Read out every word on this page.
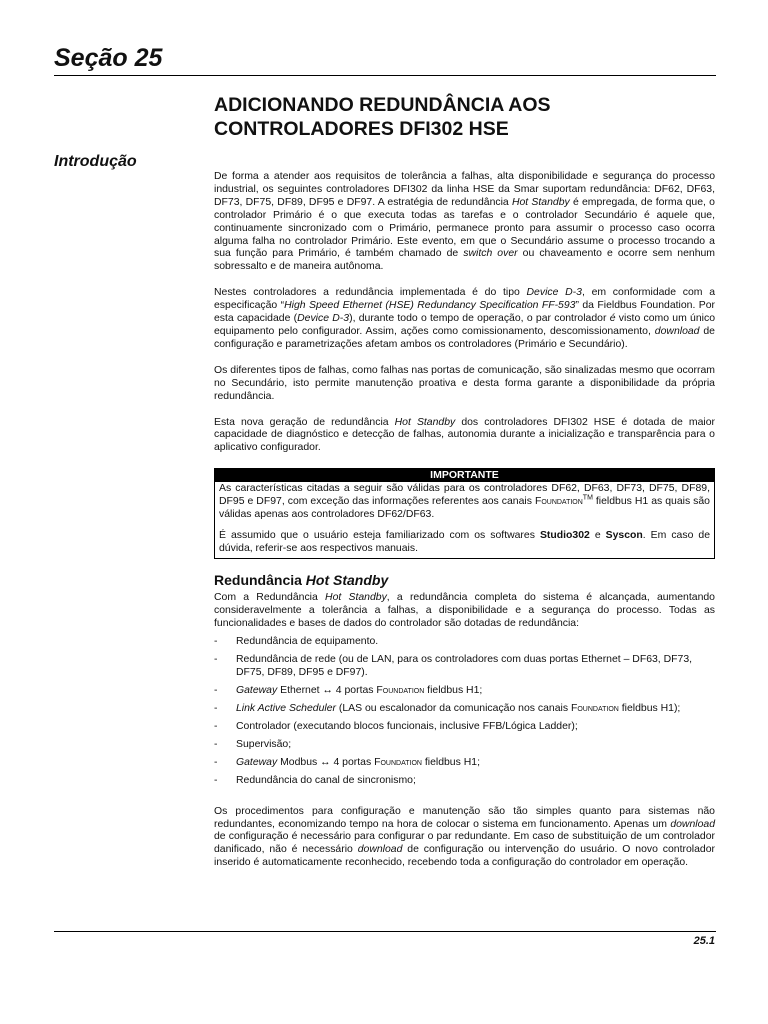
Seção 25
ADICIONANDO REDUNDÂNCIA AOS
CONTROLADORES DFI302 HSE
Introdução

De forma a atender aos requisitos de tolerância a falhas, alta disponibilidade e segurança do processo industrial, os seguintes controladores DFI302 da linha HSE da Smar suportam redundância: DF62, DF63, DF73, DF75, DF89, DF95 e DF97. A estratégia de redundância Hot Standby é empregada, de forma que, o controlador Primário é o que executa todas as tarefas e o controlador Secundário é aquele que, continuamente sincronizado com o Primário, permanece pronto para assumir o processo caso ocorra alguma falha no controlador Primário. Este evento, em que o Secundário assume o processo trocando a sua função para Primário, é também chamado de switch over ou chaveamento e ocorre sem nenhum sobressalto e de maneira autônoma.

Nestes controladores a redundância implementada é do tipo Device D-3, em conformidade com a especificação “High Speed Ethernet (HSE) Redundancy Specification FF-593” da Fieldbus Foundation. Por esta capacidade (Device D-3), durante todo o tempo de operação, o par controlador é visto como um único equipamento pelo configurador. Assim, ações como comissionamento, descomissionamento, download de configuração e parametrizações afetam ambos os controladores (Primário e Secundário).

Os diferentes tipos de falhas, como falhas nas portas de comunicação, são sinalizadas mesmo que ocorram no Secundário, isto permite manutenção proativa e desta forma garante a disponibilidade da própria redundância.

Esta nova geração de redundância Hot Standby dos controladores DFI302 HSE é dotada de maior capacidade de diagnóstico e detecção de falhas, autonomia durante a inicialização e transparência para o aplicativo configurador.

IMPORTANTE

As características citadas a seguir são válidas para os controladores DF62, DF63, DF73, DF75, DF89, DF95 e DF97, com exceção das informações referentes aos canais Foundation™ fieldbus H1 as quais são válidas apenas aos controladores DF62/DF63.

É assumido que o usuário esteja familiarizado com os softwares Studio302 e Syscon. Em caso de dúvida, referir-se aos respectivos manuais.

Redundância Hot Standby

Com a Redundância Hot Standby, a redundância completa do sistema é alcançada, aumentando consideravelmente a tolerância a falhas, a disponibilidade e a segurança do processo. Todas as funcionalidades e bases de dados do controlador são dotadas de redundância:

- Redundância de equipamento.
- Redundância de rede (ou de LAN, para os controladores com duas portas Ethernet – DF63, DF73, DF75, DF89, DF95 e DF97).
- Gateway Ethernet ↔ 4 portas Foundation fieldbus H1;
- Link Active Scheduler (LAS ou escalonador da comunicação nos canais Foundation fieldbus H1);
- Controlador (executando blocos funcionais, inclusive FFB/Lógica Ladder);
- Supervisão;
- Gateway Modbus ↔ 4 portas Foundation fieldbus H1;
- Redundância do canal de sincronismo;

Os procedimentos para configuração e manutenção são tão simples quanto para sistemas não redundantes, economizando tempo na hora de colocar o sistema em funcionamento. Apenas um download de configuração é necessário para configurar o par redundante. Em caso de substituição de um controlador danificado, não é necessário download de configuração ou intervenção do usuário. O novo controlador inserido é automaticamente reconhecido, recebendo toda a configuração do controlador em operação.

25.1
